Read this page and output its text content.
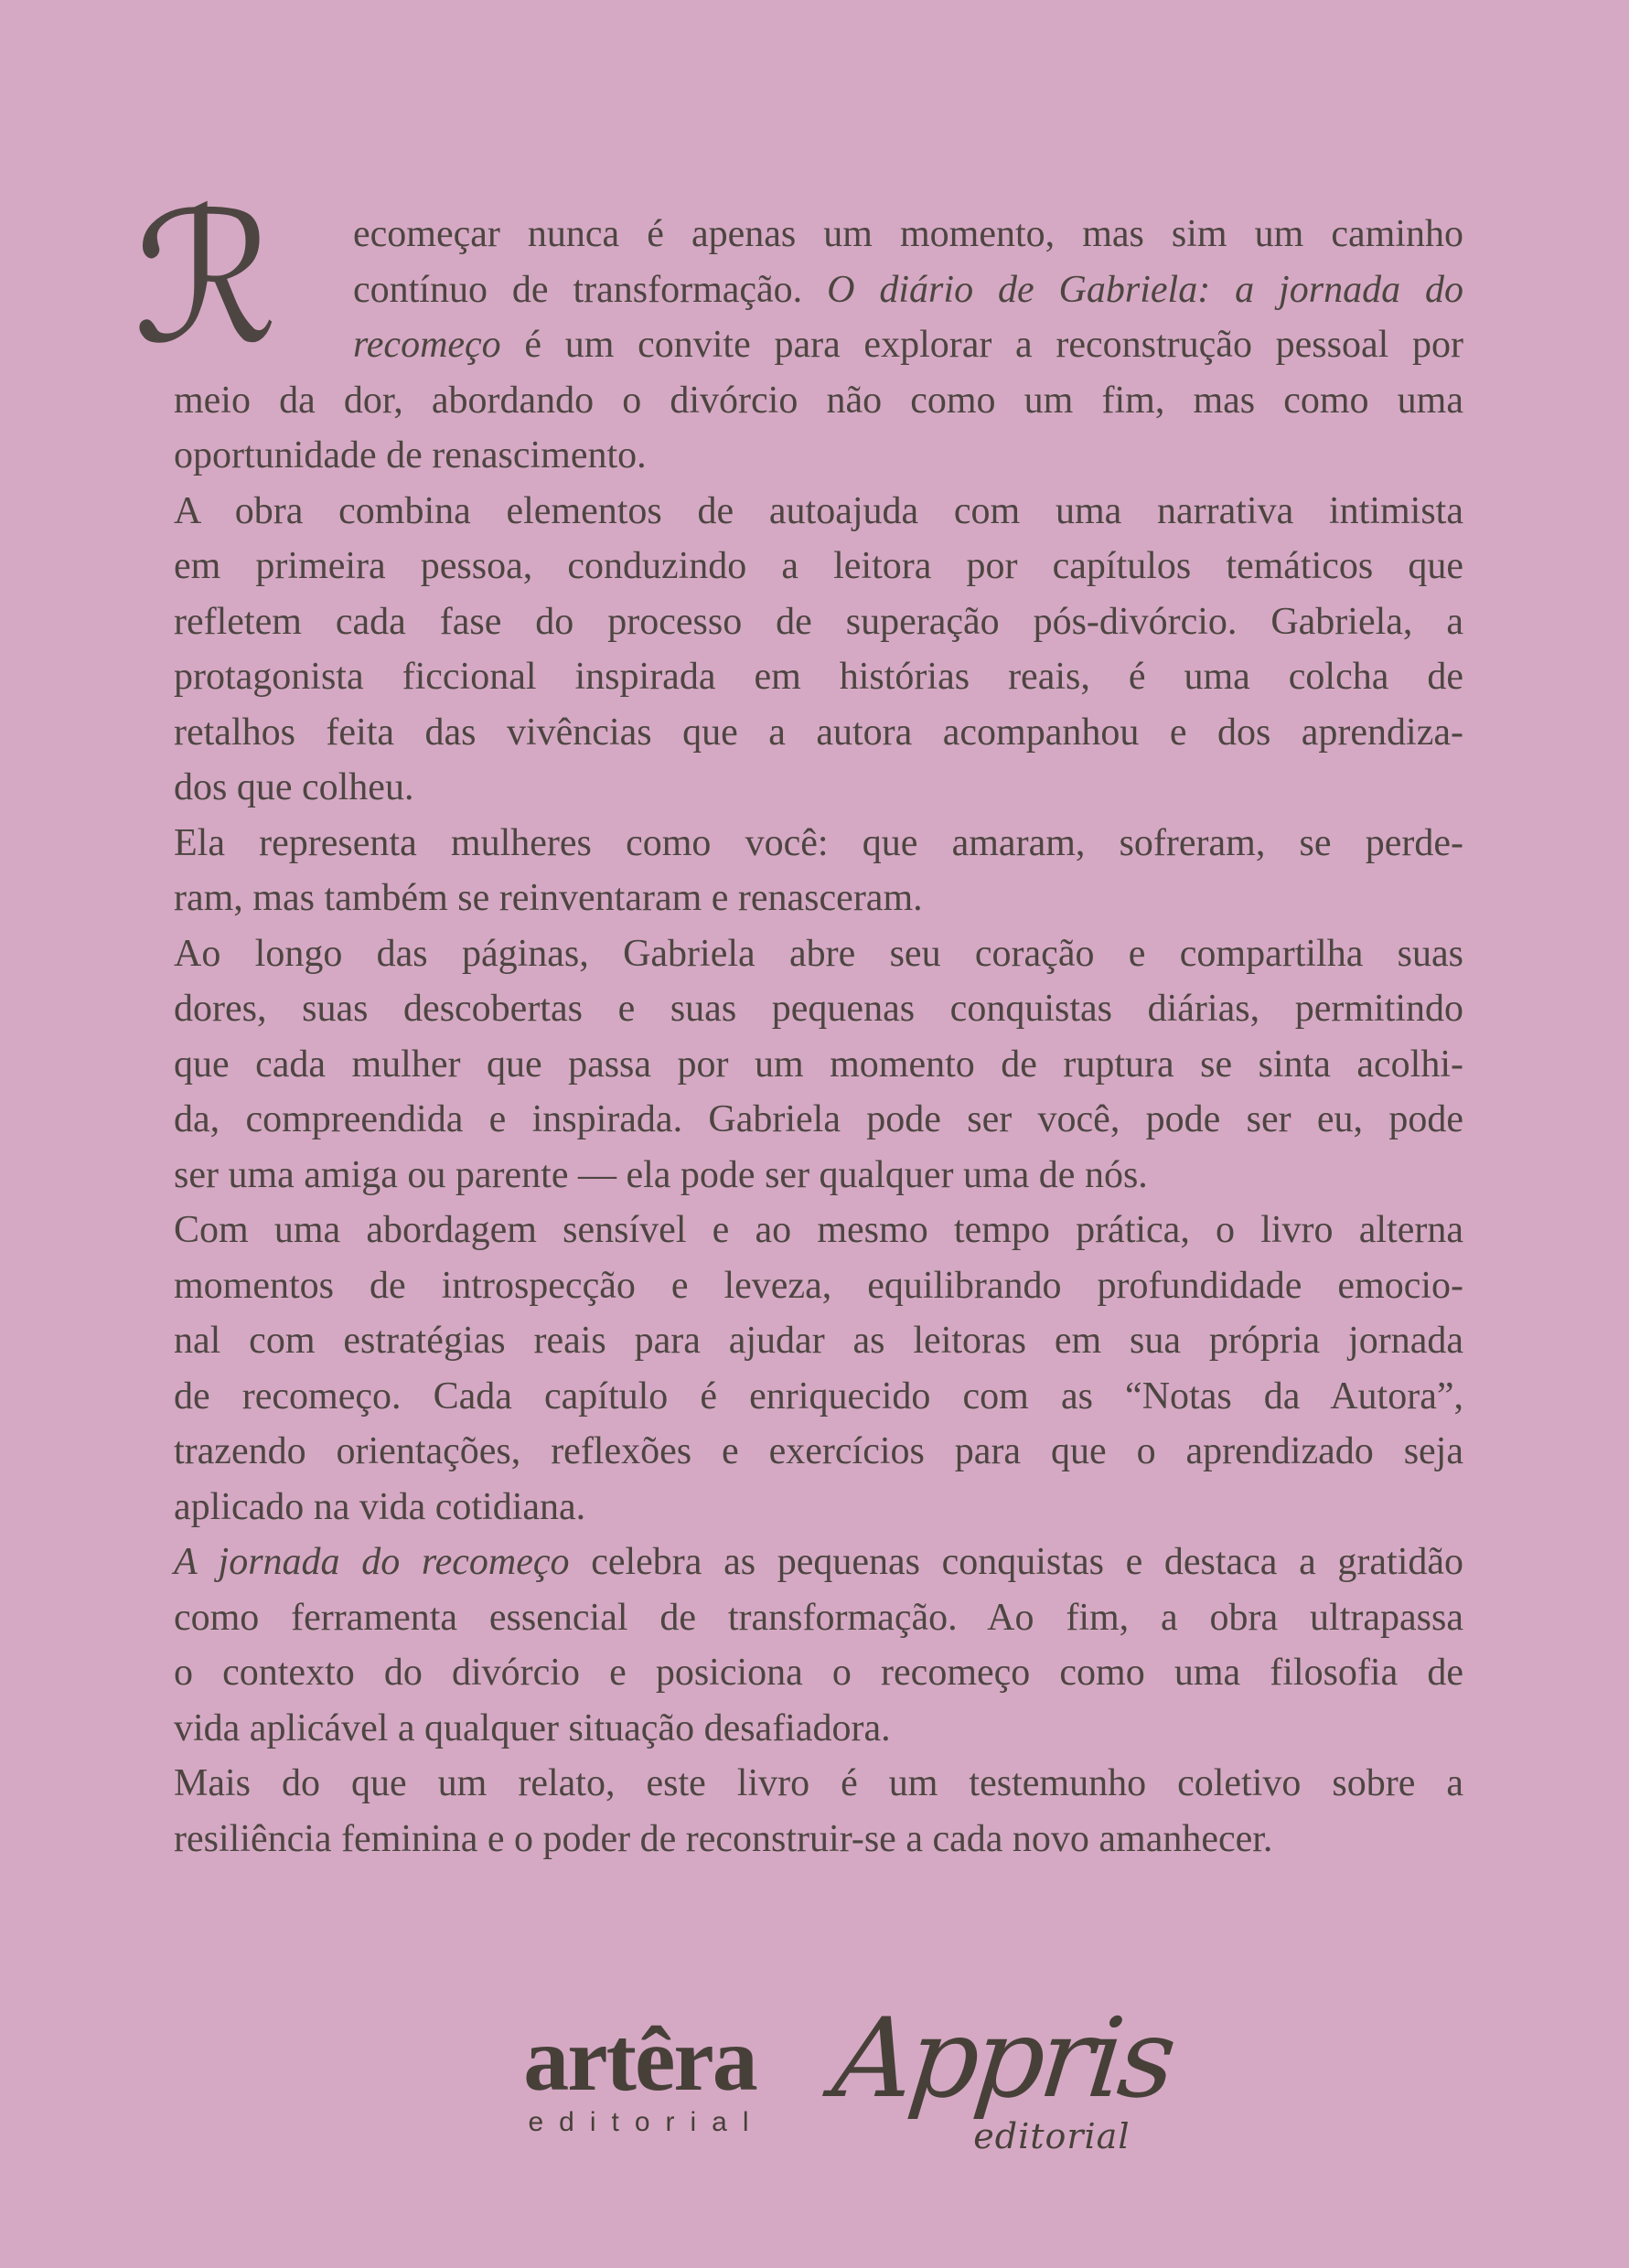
ℛ	ecomeçar nunca é apenas um momento, mas sim um caminho
contínuo de transformação. O diário de Gabriela: a jornada do
recomeço é um convite para explorar a reconstrução pessoal por
meio da dor, abordando o divórcio não como um fim, mas como uma
oportunidade de renascimento.
A obra combina elementos de autoajuda com uma narrativa intimista
em primeira pessoa, conduzindo a leitora por capítulos temáticos que
refletem cada fase do processo de superação pós-divórcio. Gabriela, a
protagonista ficcional inspirada em histórias reais, é uma colcha de
retalhos feita das vivências que a autora acompanhou e dos aprendiza-
dos que colheu.
Ela representa mulheres como você: que amaram, sofreram, se perde-
ram, mas também se reinventaram e renasceram.
Ao longo das páginas, Gabriela abre seu coração e compartilha suas
dores, suas descobertas e suas pequenas conquistas diárias, permitindo
que cada mulher que passa por um momento de ruptura se sinta acolhi-
da, compreendida e inspirada. Gabriela pode ser você, pode ser eu, pode
ser uma amiga ou parente — ela pode ser qualquer uma de nós.
Com uma abordagem sensível e ao mesmo tempo prática, o livro alterna
momentos de introspecção e leveza, equilibrando profundidade emocio-
nal com estratégias reais para ajudar as leitoras em sua própria jornada
de recomeço. Cada capítulo é enriquecido com as “Notas da Autora”,
trazendo orientações, reflexões e exercícios para que o aprendizado seja
aplicado na vida cotidiana.
A jornada do recomeço celebra as pequenas conquistas e destaca a gratidão
como ferramenta essencial de transformação. Ao fim, a obra ultrapassa
o contexto do divórcio e posiciona o recomeço como uma filosofia de
vida aplicável a qualquer situação desafiadora.
Mais do que um relato, este livro é um testemunho coletivo sobre a
resiliência feminina e o poder de reconstruir-se a cada novo amanhecer.
artêra
editorial Appris
editorial
